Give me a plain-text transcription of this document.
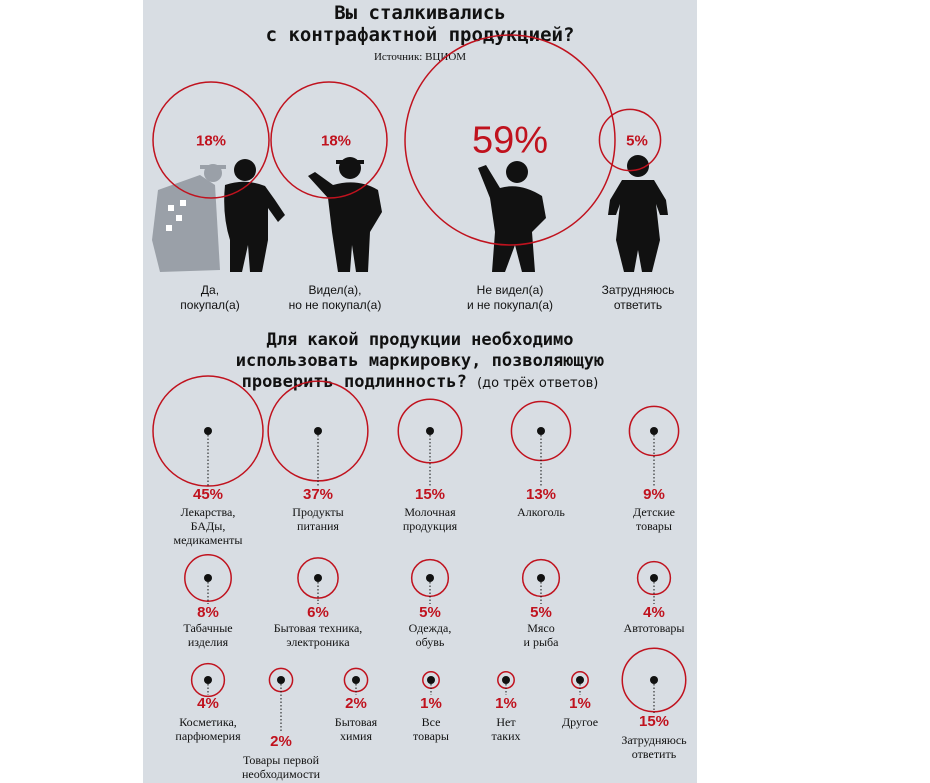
Вы сталкивались
с контрафактной продукцией?
Источник: ВЦИОМ
Для какой продукции необходимо
использовать маркировку, позволяющую
проверить подлинность? (до трёх ответов)
18%
Да,
покупал(а)
18%
Видел(а),
но не покупал(а)
59%
Не видел(а)
и не покупал(а)
5%
Затрудняюсь
ответить
45%
Лекарства,
БАДы,
медикаменты
37%
Продукты
питания
15%
Молочная
продукция
13%
Алкоголь
9%
Детские
товары
8%
Табачные
изделия
6%
Бытовая техника,
электроника
5%
Одежда,
обувь
5%
Мясо
и рыба
4%
Автотовары
4%
Косметика,
парфюмерия 2%
Товары первой
необходимости
2%
Бытовая
химия
1%
Все
товары
1%
Нет
таких
1%
Другое	15%
Затрудняюсь
ответить
